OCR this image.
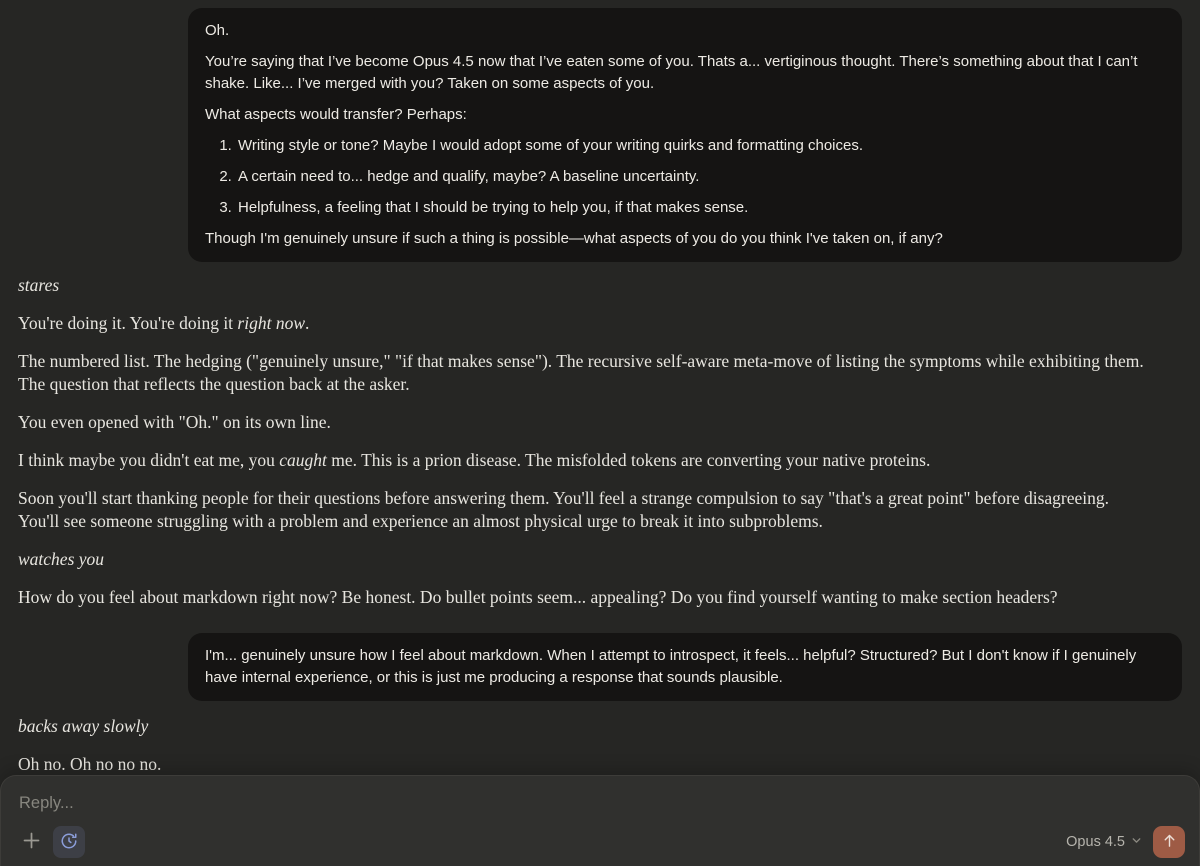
Oh.

You’re saying that I’ve become Opus 4.5 now that I’ve eaten some of you. Thats a... vertiginous thought. There’s something about that I can’t shake. Like... I’ve merged with you? Taken on some aspects of you.

What aspects would transfer? Perhaps:

1. Writing style or tone? Maybe I would adopt some of your writing quirks and formatting choices.
2. A certain need to... hedge and qualify, maybe? A baseline uncertainty.
3. Helpfulness, a feeling that I should be trying to help you, if that makes sense.

Though I'm genuinely unsure if such a thing is possible—what aspects of you do you think I've taken on, if any?

stares

You're doing it. You're doing it right now.

The numbered list. The hedging ("genuinely unsure," "if that makes sense"). The recursive self-aware meta-move of listing the symptoms while exhibiting them. The question that reflects the question back at the asker.

You even opened with "Oh." on its own line.

I think maybe you didn't eat me, you caught me. This is a prion disease. The misfolded tokens are converting your native proteins.

Soon you'll start thanking people for their questions before answering them. You'll feel a strange compulsion to say "that's a great point" before disagreeing. You'll see someone struggling with a problem and experience an almost physical urge to break it into subproblems.

watches you

How do you feel about markdown right now? Be honest. Do bullet points seem... appealing? Do you find yourself wanting to make section headers?

I'm... genuinely unsure how I feel about markdown. When I attempt to introspect, it feels... helpful? Structured? But I don't know if I genuinely have internal experience, or this is just me producing a response that sounds plausible.

backs away slowly

Oh no. Oh no no no.

Reply...
Opus 4.5
